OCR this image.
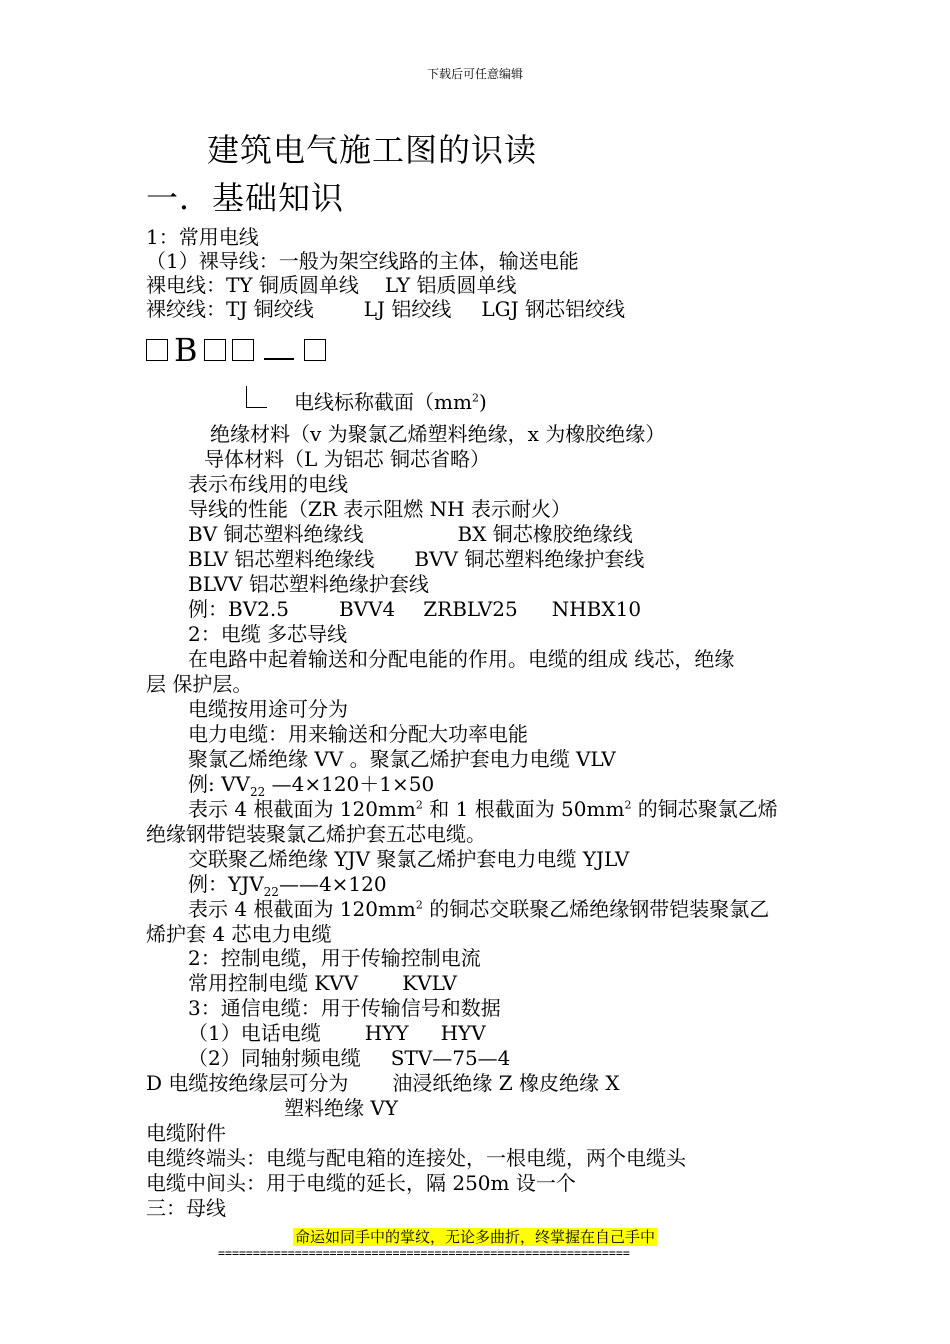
下载后可任意编辑
建筑电气施工图的识读
一．基础知识
1：常用电线
（1）裸导线：一般为架空线路的主体，输送电能
裸电线：TY 铜质圆单线 LY 铝质圆单线
裸绞线：TJ 铜绞线	LJ 铝绞线 LGJ 钢芯铝绞线
B
电线标称截面$(mm^2)$
绝缘材料（v 为聚氯乙烯塑料绝缘，x 为橡胶绝缘）
导体材料（L 为铝芯 铜芯省略）
表示布线用的电线
导线的性能（ZR 表示阻燃 NH 表示耐火）
BV 铜芯塑料绝缘线	BX 铜芯橡胶绝缘线
BLV 铝芯塑料绝缘线 BVV 铜芯塑料绝缘护套线
BLVV 铝芯塑料绝缘护套线
例：BV2.5	BVV4 ZRBLV25 NHBX10
2：电缆 多芯导线
在电路中起着输送和分配电能的作用。电缆的组成 线芯，绝缘
层 保护层。
电缆按用途可分为
电力电缆：用来输送和分配大功率电能
聚氯乙烯绝缘 VV 。聚氯乙烯护套电力电缆 VLV
例: $VV_{22}$ —4×120＋1×50
表示 4 根截面为 $120mm^2$ 和 1 根截面为 $50mm^2$ 的铜芯聚氯乙烯
绝缘钢带铠装聚氯乙烯护套五芯电缆。
交联聚乙烯绝缘 YJV 聚氯乙烯护套电力电缆 YJLV
例：$YJV_{22}——4\times 120$
表示 4 根截面为 $120mm^2$ 的铜芯交联聚乙烯绝缘钢带铠装聚氯乙
烯护套 4 芯电力电缆
2：控制电缆，用于传输控制电流
常用控制电缆 KVV KVLV
3：通信电缆：用于传输信号和数据
（1）电话电缆 HYY HYV
（2）同轴射频电缆 STV—75—4
D 电缆按绝缘层可分为 油浸纸绝缘 Z 橡皮绝缘 X
塑料绝缘 VY
电缆附件
电缆终端头：电缆与配电箱的连接处，一根电缆，两个电缆头
电缆中间头：用于电缆的延长，隔 250m 设一个
三：母线
命运如同手中的掌纹，无论多曲折，终掌握在自己手中
===========================================================
